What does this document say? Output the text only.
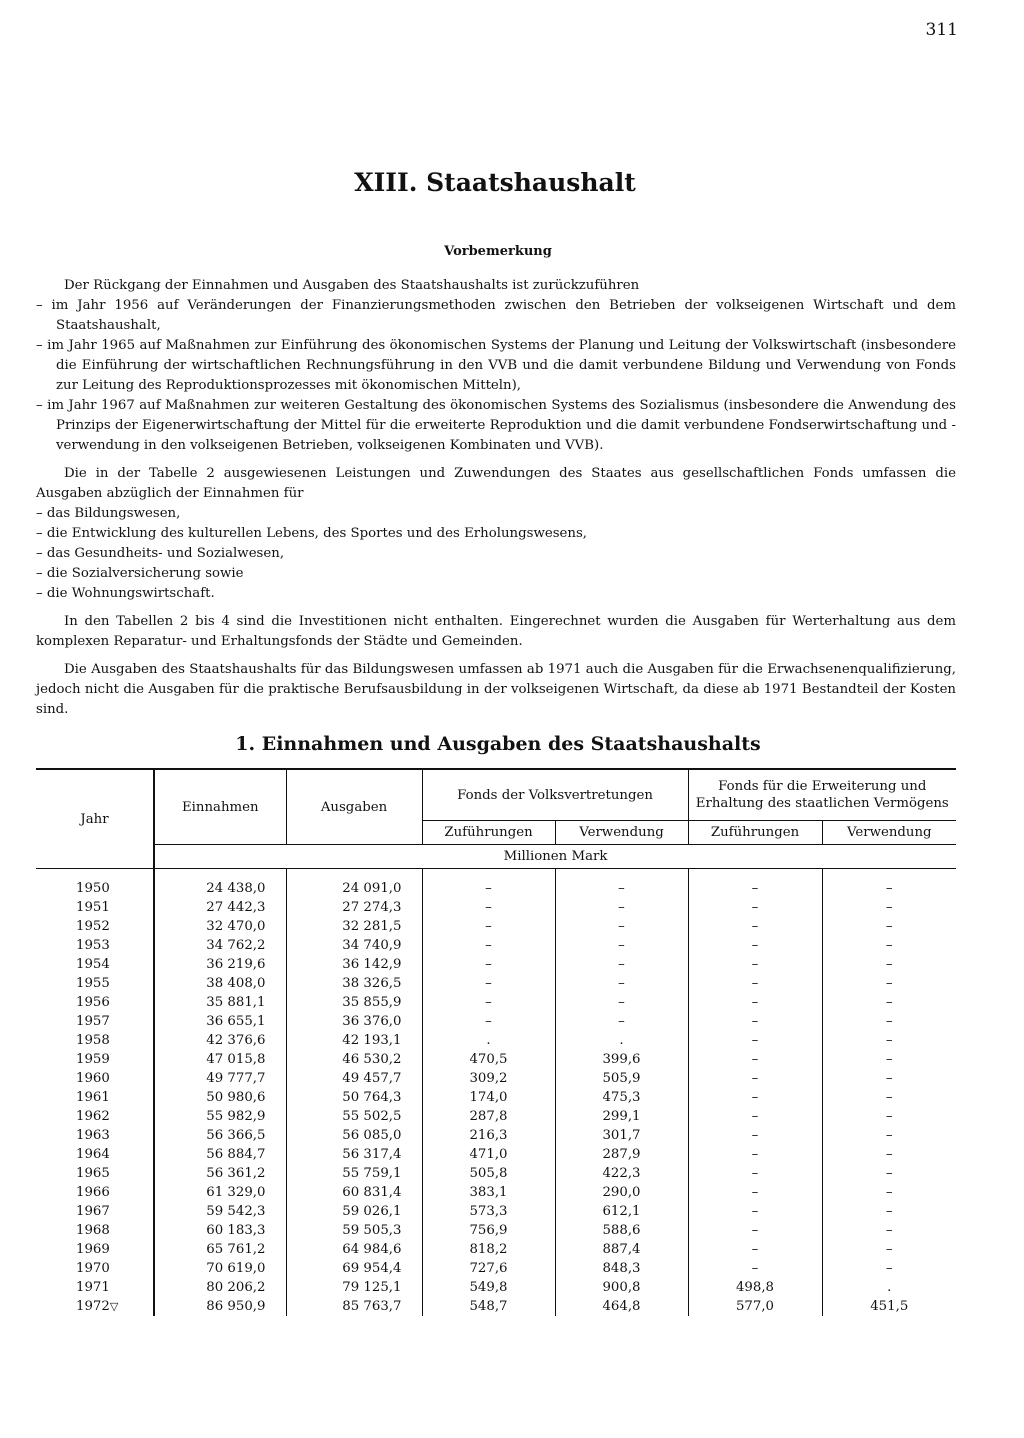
311
XIII. Staatshaushalt
Vorbemerkung

Der Rückgang der Einnahmen und Ausgaben des Staatshaushalts ist zurückzuführen

– im Jahr 1956 auf Veränderungen der Finanzierungsmethoden zwischen den Betrieben der volkseigenen Wirtschaft und dem Staatshaushalt,

– im Jahr 1965 auf Maßnahmen zur Einführung des ökonomischen Systems der Planung und Leitung der Volkswirtschaft (insbesondere die Einführung der wirtschaftlichen Rechnungsführung in den VVB und die damit verbundene Bildung und Verwendung von Fonds zur Leitung des Reproduktionsprozesses mit ökonomischen Mitteln),

– im Jahr 1967 auf Maßnahmen zur weiteren Gestaltung des ökonomischen Systems des Sozialismus (insbesondere die Anwendung des Prinzips der Eigenerwirtschaftung der Mittel für die erweiterte Reproduktion und die damit verbundene Fondserwirtschaftung und -verwendung in den volkseigenen Betrieben, volkseigenen Kombinaten und VVB).

Die in der Tabelle 2 ausgewiesenen Leistungen und Zuwendungen des Staates aus gesellschaftlichen Fonds umfassen die Ausgaben abzüglich der Einnahmen für

– das Bildungswesen,

– die Entwicklung des kulturellen Lebens, des Sportes und des Erholungswesens,

– das Gesundheits- und Sozialwesen,

– die Sozialversicherung sowie

– die Wohnungswirtschaft.

In den Tabellen 2 bis 4 sind die Investitionen nicht enthalten. Eingerechnet wurden die Ausgaben für Werterhaltung aus dem komplexen Reparatur- und Erhaltungsfonds der Städte und Gemeinden.

Die Ausgaben des Staatshaushalts für das Bildungswesen umfassen ab 1971 auch die Ausgaben für die Erwachsenenqualifizierung, jedoch nicht die Ausgaben für die praktische Berufsausbildung in der volkseigenen Wirtschaft, da diese ab 1971 Bestandteil der Kosten sind.

1. Einnahmen und Ausgaben des Staatshaushalts
Jahr	Einnahmen	Ausgaben	Fonds der Volksvertretungen		Fonds für die Erweiterung und
Erhaltung des staatlichen Vermögens	

			Zuführungen	Verwendung	Zuführungen	Verwendung
	Millionen Mark					
1950	24 438,0	24 091,0	–	–	–	–
1951	27 442,3	27 274,3	–	–	–	–
1952	32 470,0	32 281,5	–	–	–	–
1953	34 762,2	34 740,9	–	–	–	–
1954	36 219,6	36 142,9	–	–	–	–
1955	38 408,0	38 326,5	–	–	–	–
1956	35 881,1	35 855,9	–	–	–	–
1957	36 655,1	36 376,0	–	–	–	–
1958	42 376,6	42 193,1	.	.	–	–
1959	47 015,8	46 530,2	470,5	399,6	–	–
1960	49 777,7	49 457,7	309,2	505,9	–	–
1961	50 980,6	50 764,3	174,0	475,3	–	–
1962	55 982,9	55 502,5	287,8	299,1	–	–
1963	56 366,5	56 085,0	216,3	301,7	–	–
1964	56 884,7	56 317,4	471,0	287,9	–	–
1965	56 361,2	55 759,1	505,8	422,3	–	–
1966	61 329,0	60 831,4	383,1	290,0	–	–
1967	59 542,3	59 026,1	573,3	612,1	–	–
1968	60 183,3	59 505,3	756,9	588,6	–	–
1969	65 761,2	64 984,6	818,2	887,4	–	–
1970	70 619,0	69 954,4	727,6	848,3	–	–
1971	80 206,2	79 125,1	549,8	900,8	498,8	.
1972▽	86 950,9	85 763,7	548,7	464,8	577,0	451,5
